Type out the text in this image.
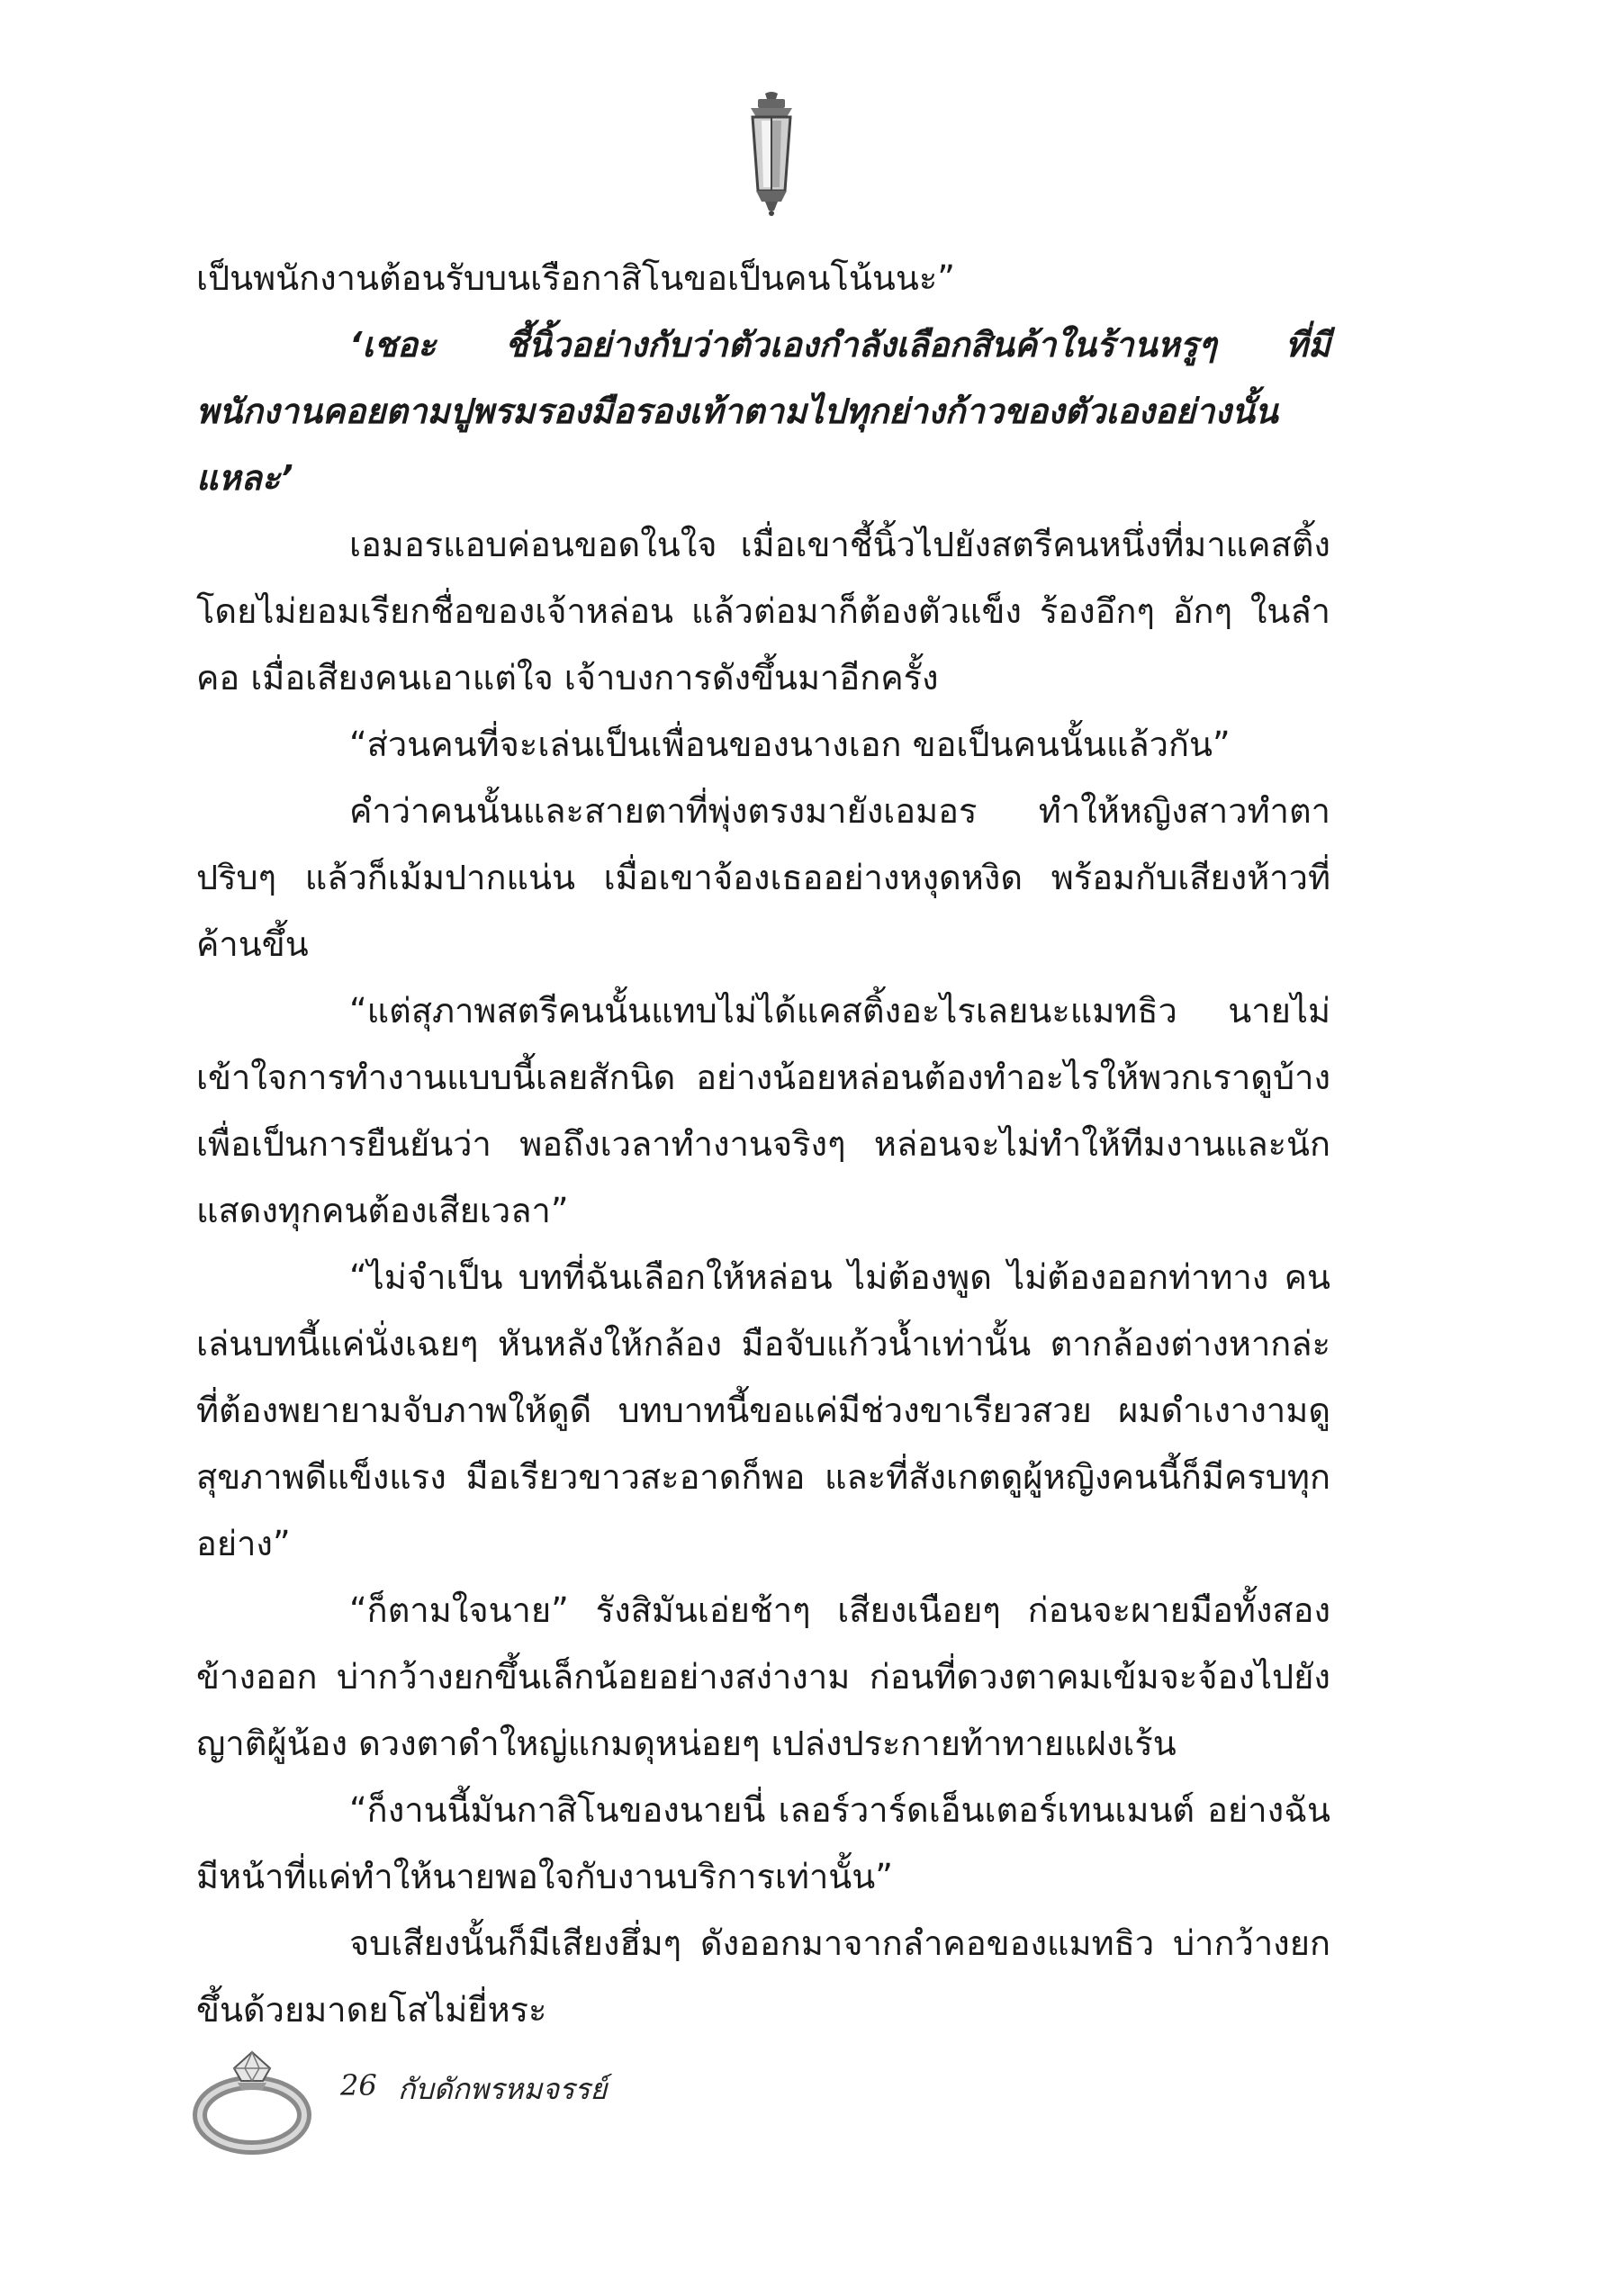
เป็นพนักงานต้อนรับบนเรือกาสิโนขอเป็นคนโน้นนะ”

‘เชอะ ชี้นิ้วอย่างกับว่าตัวเองกำลังเลือกสินค้าในร้านหรูๆ ที่มีพนักงานคอยตามปูพรมรองมือรองเท้าตามไปทุกย่างก้าวของตัวเองอย่างนั้นแหละ’

เอมอรแอบค่อนขอดในใจ เมื่อเขาชี้นิ้วไปยังสตรีคนหนึ่งที่มาแคสติ้ง โดยไม่ยอมเรียกชื่อของเจ้าหล่อน แล้วต่อมาก็ต้องตัวแข็ง ร้องอึกๆ อักๆ ในลำคอ เมื่อเสียงคนเอาแต่ใจ เจ้าบงการดังขึ้นมาอีกครั้ง

“ส่วนคนที่จะเล่นเป็นเพื่อนของนางเอก ขอเป็นคนนั้นแล้วกัน”

คำว่าคนนั้นและสายตาที่พุ่งตรงมายังเอมอร ทำให้หญิงสาวทำตาปริบๆ แล้วก็เม้มปากแน่น เมื่อเขาจ้องเธออย่างหงุดหงิด พร้อมกับเสียงห้าวที่ค้านขึ้น

“แต่สุภาพสตรีคนนั้นแทบไม่ได้แคสติ้งอะไรเลยนะแมทธิว นายไม่เข้าใจการทำงานแบบนี้เลยสักนิด อย่างน้อยหล่อนต้องทำอะไรให้พวกเราดูบ้าง เพื่อเป็นการยืนยันว่า พอถึงเวลาทำงานจริงๆ หล่อนจะไม่ทำให้ทีมงานและนักแสดงทุกคนต้องเสียเวลา”

“ไม่จำเป็น บทที่ฉันเลือกให้หล่อน ไม่ต้องพูด ไม่ต้องออกท่าทาง คนเล่นบทนี้แค่นั่งเฉยๆ หันหลังให้กล้อง มือจับแก้วน้ำเท่านั้น ตากล้องต่างหากล่ะ ที่ต้องพยายามจับภาพให้ดูดี บทบาทนี้ขอแค่มีช่วงขาเรียวสวย ผมดำเงางามดูสุขภาพดีแข็งแรง มือเรียวขาวสะอาดก็พอ และที่สังเกตดูผู้หญิงคนนี้ก็มีครบทุกอย่าง”

“ก็ตามใจนาย” รังสิมันเอ่ยช้าๆ เสียงเนือยๆ ก่อนจะผายมือทั้งสองข้างออก บ่ากว้างยกขึ้นเล็กน้อยอย่างสง่างาม ก่อนที่ดวงตาคมเข้มจะจ้องไปยังญาติผู้น้อง ดวงตาดำใหญ่แกมดุหน่อยๆ เปล่งประกายท้าทายแฝงเร้น

“ก็งานนี้มันกาสิโนของนายนี่ เลอร์วาร์ดเอ็นเตอร์เทนเมนต์ อย่างฉันมีหน้าที่แค่ทำให้นายพอใจกับงานบริการเท่านั้น”

จบเสียงนั้นก็มีเสียงฮึ่มๆ ดังออกมาจากลำคอของแมทธิว บ่ากว้างยกขึ้นด้วยมาดยโสไม่ยี่หระ

26 กับดักพรหมจรรย์
